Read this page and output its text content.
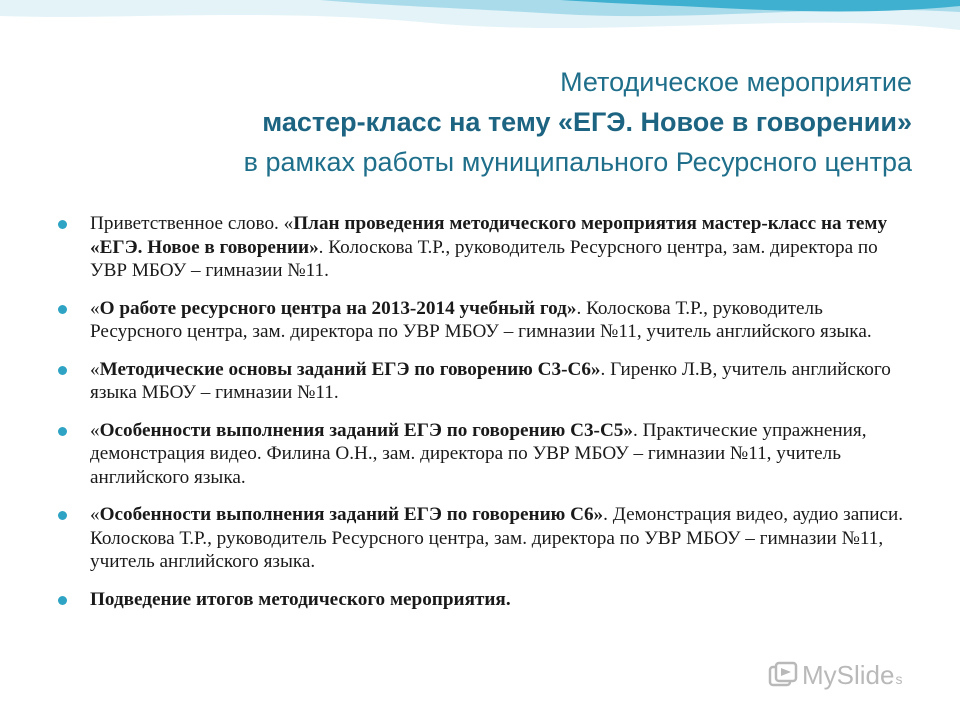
Методическое мероприятие
мастер-класс на тему «ЕГЭ. Новое в говорении»
в рамках работы муниципального Ресурсного центра
Приветственное слово. «План проведения методического мероприятия мастер-класс на тему «ЕГЭ. Новое в говорении». Колоскова Т.Р., руководитель Ресурсного центра, зам. директора по УВР МБОУ – гимназии №11.
«О работе ресурсного центра на 2013-2014 учебный год». Колоскова Т.Р., руководитель Ресурсного центра, зам. директора по УВР МБОУ – гимназии №11, учитель английского языка.
«Методические основы заданий ЕГЭ по говорению С3-С6». Гиренко Л.В, учитель английского языка МБОУ – гимназии №11.
«Особенности выполнения заданий ЕГЭ по говорению С3-С5». Практические упражнения, демонстрация видео. Филина О.Н., зам. директора по УВР МБОУ – гимназии №11, учитель английского языка.
«Особенности выполнения заданий ЕГЭ по говорению С6». Демонстрация видео, аудио записи. Колоскова Т.Р., руководитель Ресурсного центра, зам. директора по УВР МБОУ – гимназии №11, учитель английского языка.
Подведение итогов методического мероприятия.
MySlide s
